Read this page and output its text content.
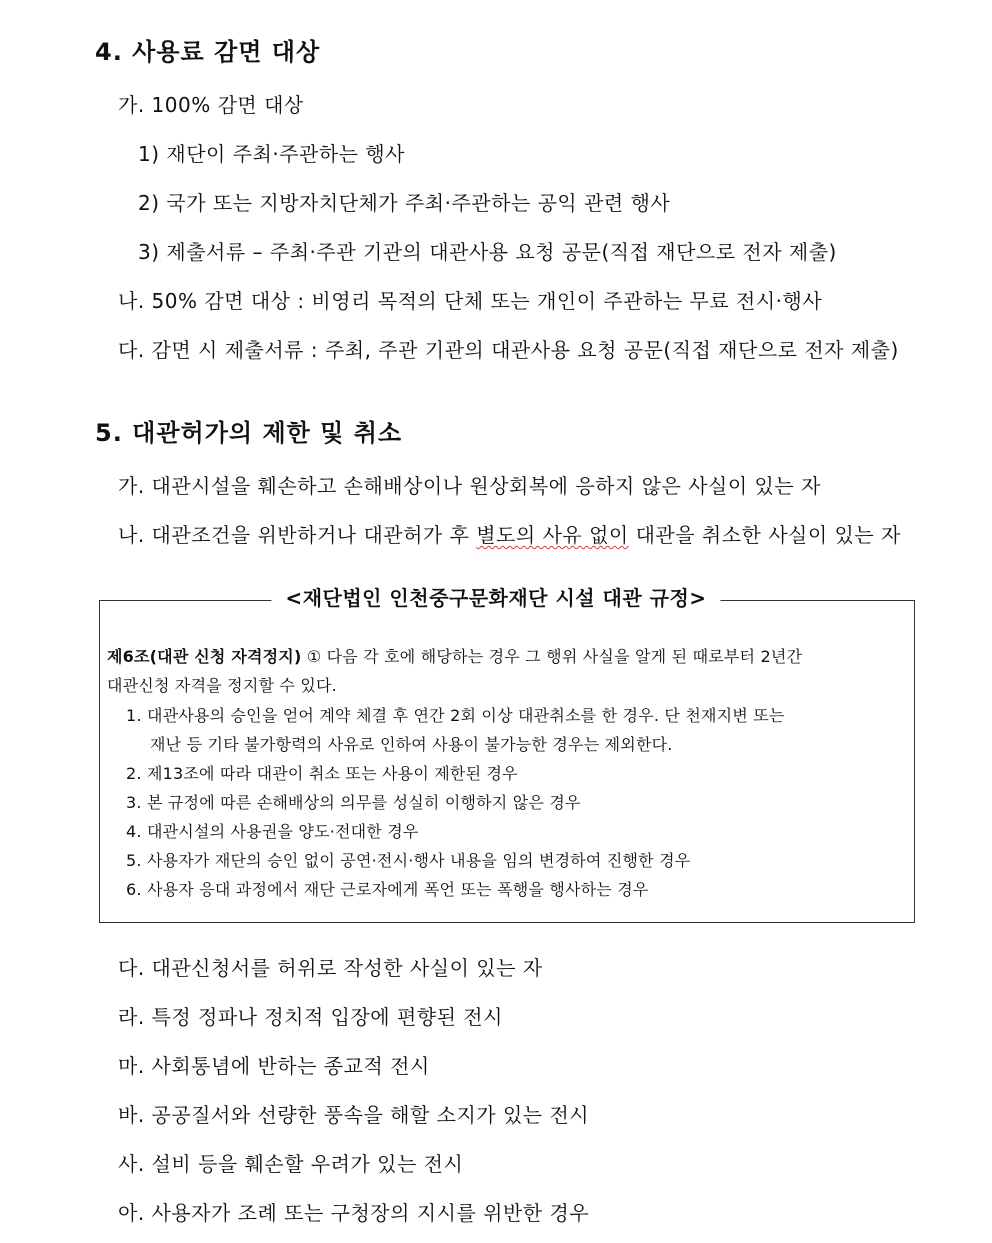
4. 사용료 감면 대상
가. 100% 감면 대상
1) 재단이 주최·주관하는 행사
2) 국가 또는 지방자치단체가 주최·주관하는 공익 관련 행사
3) 제출서류 – 주최·주관 기관의 대관사용 요청 공문(직접 재단으로 전자 제출)
나. 50% 감면 대상 : 비영리 목적의 단체 또는 개인이 주관하는 무료 전시·행사
다. 감면 시 제출서류 : 주최, 주관 기관의 대관사용 요청 공문(직접 재단으로 전자 제출)
5. 대관허가의 제한 및 취소
가. 대관시설을 훼손하고 손해배상이나 원상회복에 응하지 않은 사실이 있는 자
나. 대관조건을 위반하거나 대관허가 후 별도의 사유 없이 대관을 취소한 사실이 있는 자
<재단법인 인천중구문화재단 시설 대관 규정>
제6조(대관 신청 자격정지) ① 다음 각 호에 해당하는 경우 그 행위 사실을 알게 된 때로부터 2년간
대관신청 자격을 정지할 수 있다.
1. 대관사용의 승인을 얻어 계약 체결 후 연간 2회 이상 대관취소를 한 경우. 단 천재지변 또는
재난 등 기타 불가항력의 사유로 인하여 사용이 불가능한 경우는 제외한다.
2. 제13조에 따라 대관이 취소 또는 사용이 제한된 경우
3. 본 규정에 따른 손해배상의 의무를 성실히 이행하지 않은 경우
4. 대관시설의 사용권을 양도·전대한 경우
5. 사용자가 재단의 승인 없이 공연·전시·행사 내용을 임의 변경하여 진행한 경우
6. 사용자 응대 과정에서 재단 근로자에게 폭언 또는 폭행을 행사하는 경우
다. 대관신청서를 허위로 작성한 사실이 있는 자
라. 특정 정파나 정치적 입장에 편향된 전시
마. 사회통념에 반하는 종교적 전시
바. 공공질서와 선량한 풍속을 해할 소지가 있는 전시
사. 설비 등을 훼손할 우려가 있는 전시
아. 사용자가 조례 또는 구청장의 지시를 위반한 경우
